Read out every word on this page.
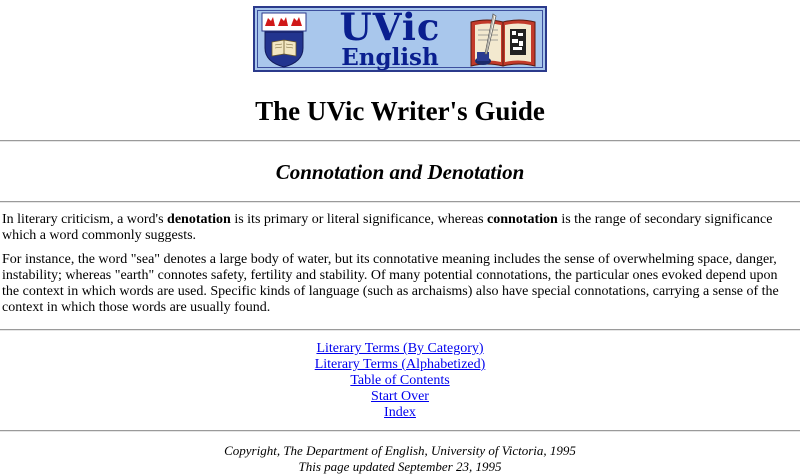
UVic
English
The UVic Writer's Guide
Connotation and Denotation

In literary criticism, a word's denotation is its primary or literal significance, whereas connotation is the range of secondary significance which a word commonly suggests.

For instance, the word "sea" denotes a large body of water, but its connotative meaning includes the sense of overwhelming space, danger, instability; whereas "earth" connotes safety, fertility and stability. Of many potential connotations, the particular ones evoked depend upon the context in which words are used. Specific kinds of language (such as archaisms) also have special connotations, carrying a sense of the context in which those words are usually found.

Literary Terms (By Category)
Literary Terms (Alphabetized)
Table of Contents
Start Over
Index
Copyright, The Department of English, University of Victoria, 1995
This page updated September 23, 1995
